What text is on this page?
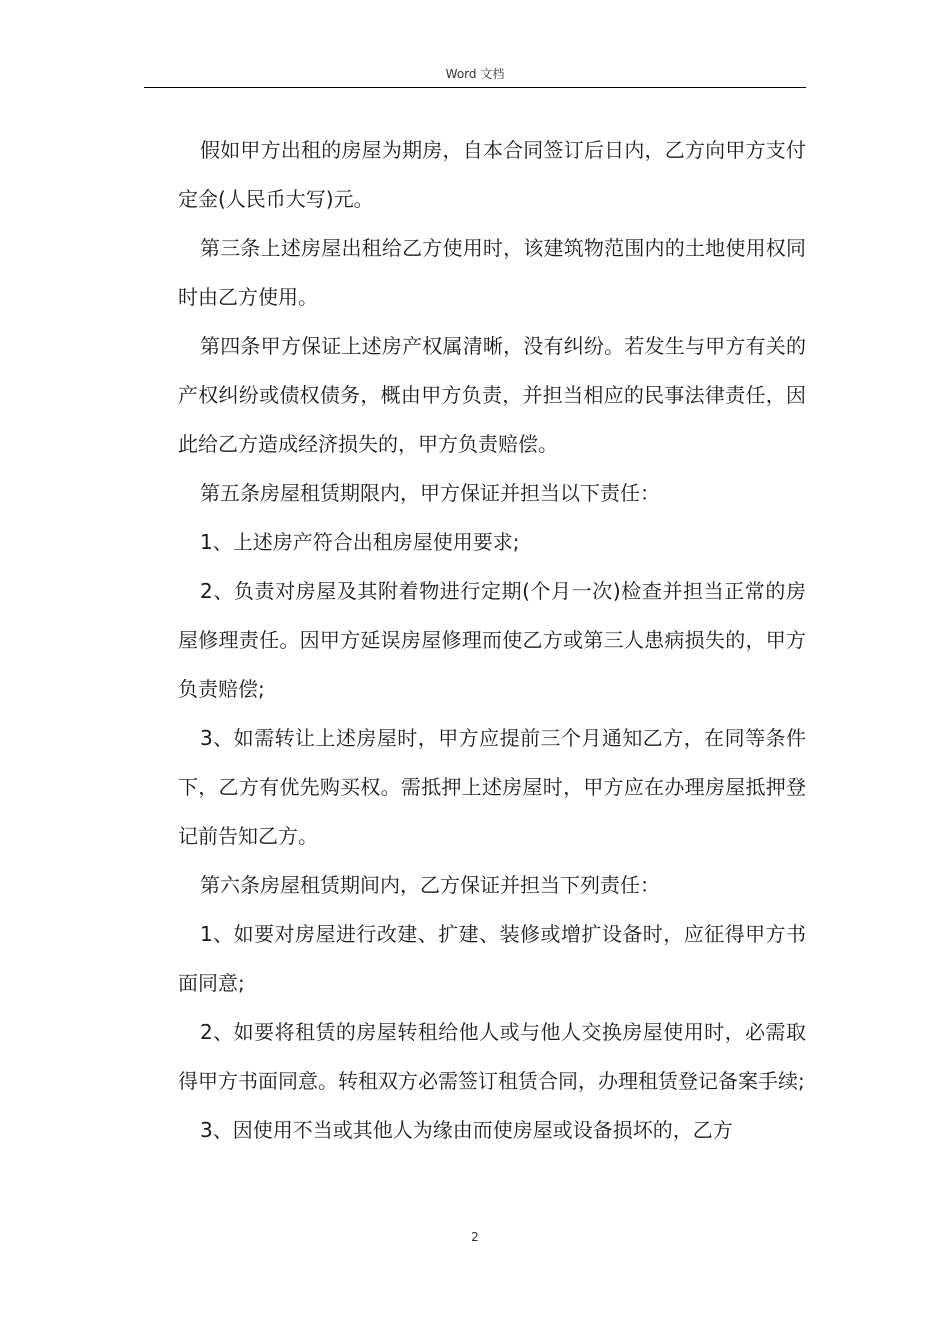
Word 文档

假如甲方出租的房屋为期房，自本合同签订后日内，乙方向甲方支付定金(人民币大写)元。

第三条上述房屋出租给乙方使用时，该建筑物范围内的土地使用权同时由乙方使用。

第四条甲方保证上述房产权属清晰，没有纠纷。若发生与甲方有关的产权纠纷或债权债务，概由甲方负责，并担当相应的民事法律责任，因此给乙方造成经济损失的，甲方负责赔偿。

第五条房屋租赁期限内，甲方保证并担当以下责任：

1、上述房产符合出租房屋使用要求;

2、负责对房屋及其附着物进行定期(个月一次)检查并担当正常的房屋修理责任。因甲方延误房屋修理而使乙方或第三人患病损失的，甲方负责赔偿;

3、如需转让上述房屋时，甲方应提前三个月通知乙方，在同等条件下，乙方有优先购买权。需抵押上述房屋时，甲方应在办理房屋抵押登记前告知乙方。

第六条房屋租赁期间内，乙方保证并担当下列责任：

1、如要对房屋进行改建、扩建、装修或增扩设备时，应征得甲方书面同意;

2、如要将租赁的房屋转租给他人或与他人交换房屋使用时，必需取得甲方书面同意。转租双方必需签订租赁合同，办理租赁登记备案手续;

3、因使用不当或其他人为缘由而使房屋或设备损坏的，乙方

2
